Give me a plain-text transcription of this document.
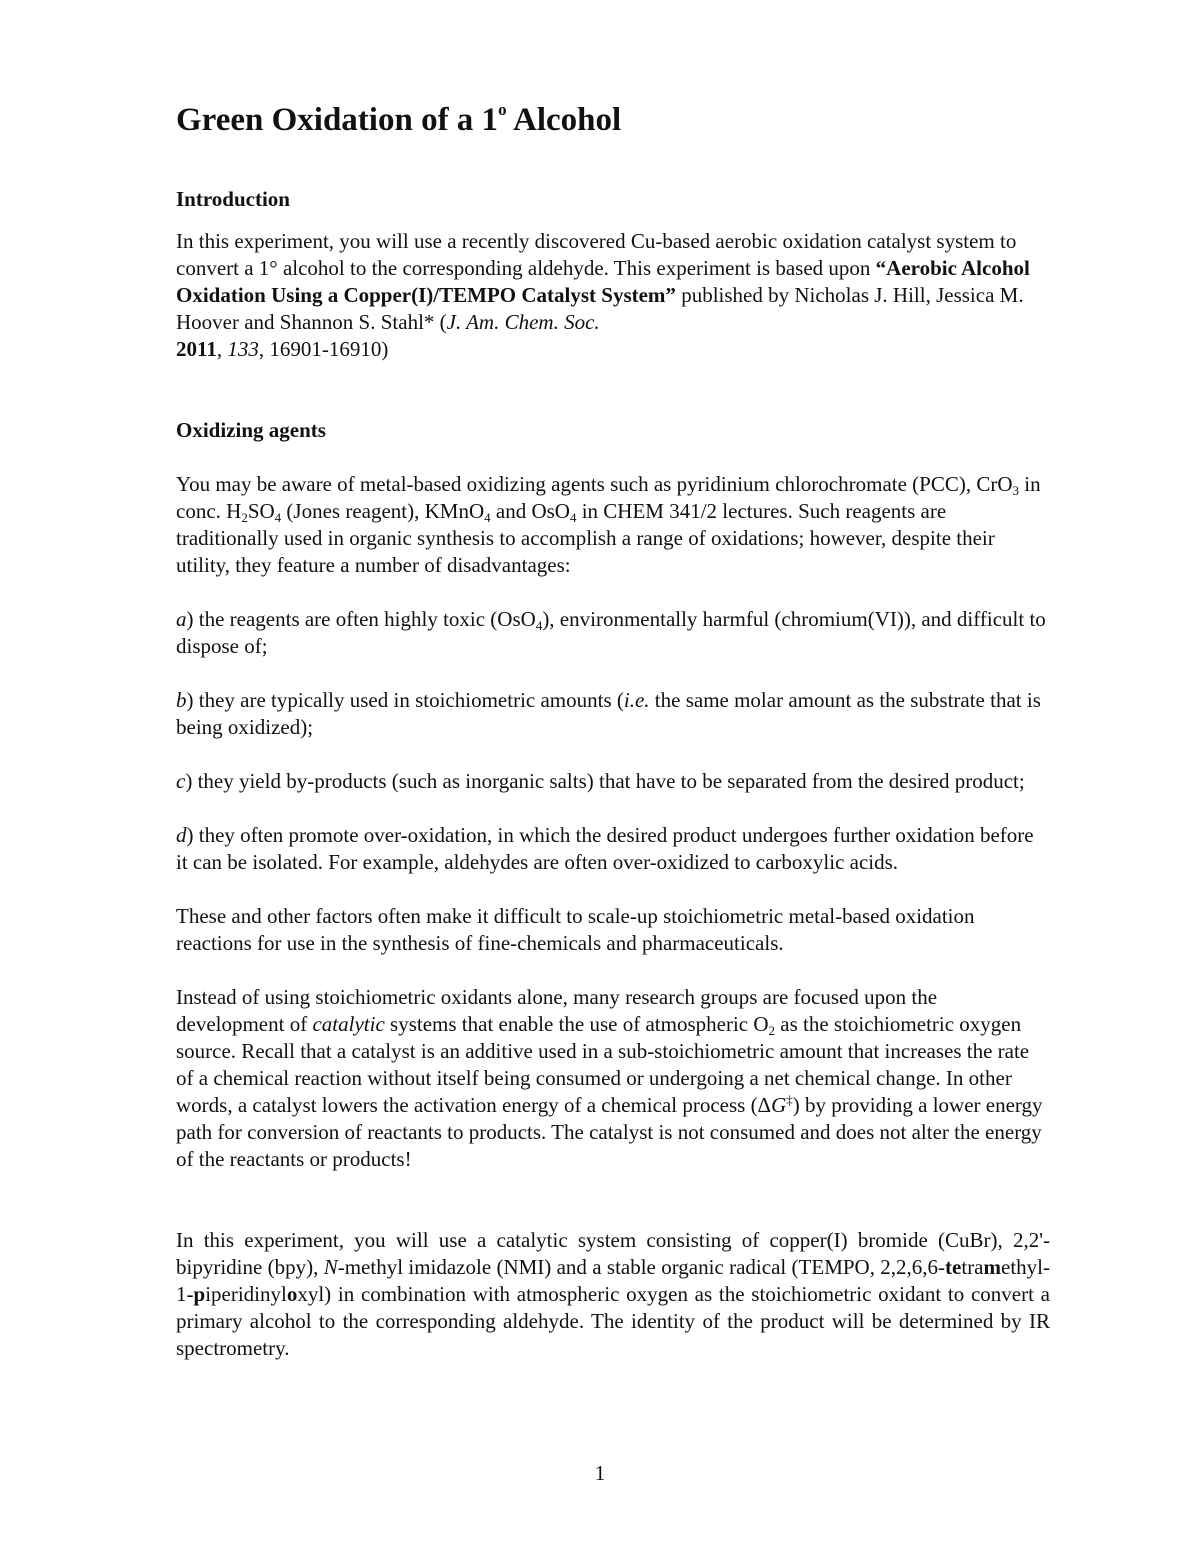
Green Oxidation of a 1$^o$ Alcohol
Introduction

In this experiment, you will use a recently discovered Cu-based aerobic oxidation catalyst system to convert a 1° alcohol to the corresponding aldehyde. This experiment is based upon “Aerobic Alcohol Oxidation Using a Copper(I)/TEMPO Catalyst System” published by Nicholas J. Hill, Jessica M. Hoover and Shannon S. Stahl* (J. Am. Chem. Soc.
2011, 133, 16901-16910)

Oxidizing agents

You may be aware of metal-based oxidizing agents such as pyridinium chlorochromate (PCC), CrO$_3$ in conc. $H_2SO_4$ (Jones reagent), KMnO$_4$ and OsO$_4$ in CHEM 341/2 lectures. Such reagents are traditionally used in organic synthesis to accomplish a range of oxidations; however, despite their utility, they feature a number of disadvantages:

a) the reagents are often highly toxic (OsO$_4$), environmentally harmful (chromium(VI)), and difficult to dispose of;

b) they are typically used in stoichiometric amounts (i.e. the same molar amount as the substrate that is being oxidized);

c) they yield by-products (such as inorganic salts) that have to be separated from the desired product;

d) they often promote over-oxidation, in which the desired product undergoes further oxidation before it can be isolated. For example, aldehydes are often over-oxidized to carboxylic acids.

These and other factors often make it difficult to scale-up stoichiometric metal-based oxidation reactions for use in the synthesis of fine-chemicals and pharmaceuticals.

Instead of using stoichiometric oxidants alone, many research groups are focused upon the development of catalytic systems that enable the use of atmospheric $O_2$ as the stoichiometric oxygen source. Recall that a catalyst is an additive used in a sub-stoichiometric amount that increases the rate of a chemical reaction without itself being consumed or undergoing a net chemical change. In other words, a catalyst lowers the activation energy of a chemical process (ΔG‡) by providing a lower energy path for conversion of reactants to products. The catalyst is not consumed and does not alter the energy of the reactants or products!

In this experiment, you will use a catalytic system consisting of copper(I) bromide (CuBr), 2,2'-bipyridine (bpy), N-methyl imidazole (NMI) and a stable organic radical (TEMPO, 2,2,6,6-tetramethyl-1-piperidinyloxyl) in combination with atmospheric oxygen as the stoichiometric oxidant to convert a primary alcohol to the corresponding aldehyde. The identity of the product will be determined by IR spectrometry.

1
